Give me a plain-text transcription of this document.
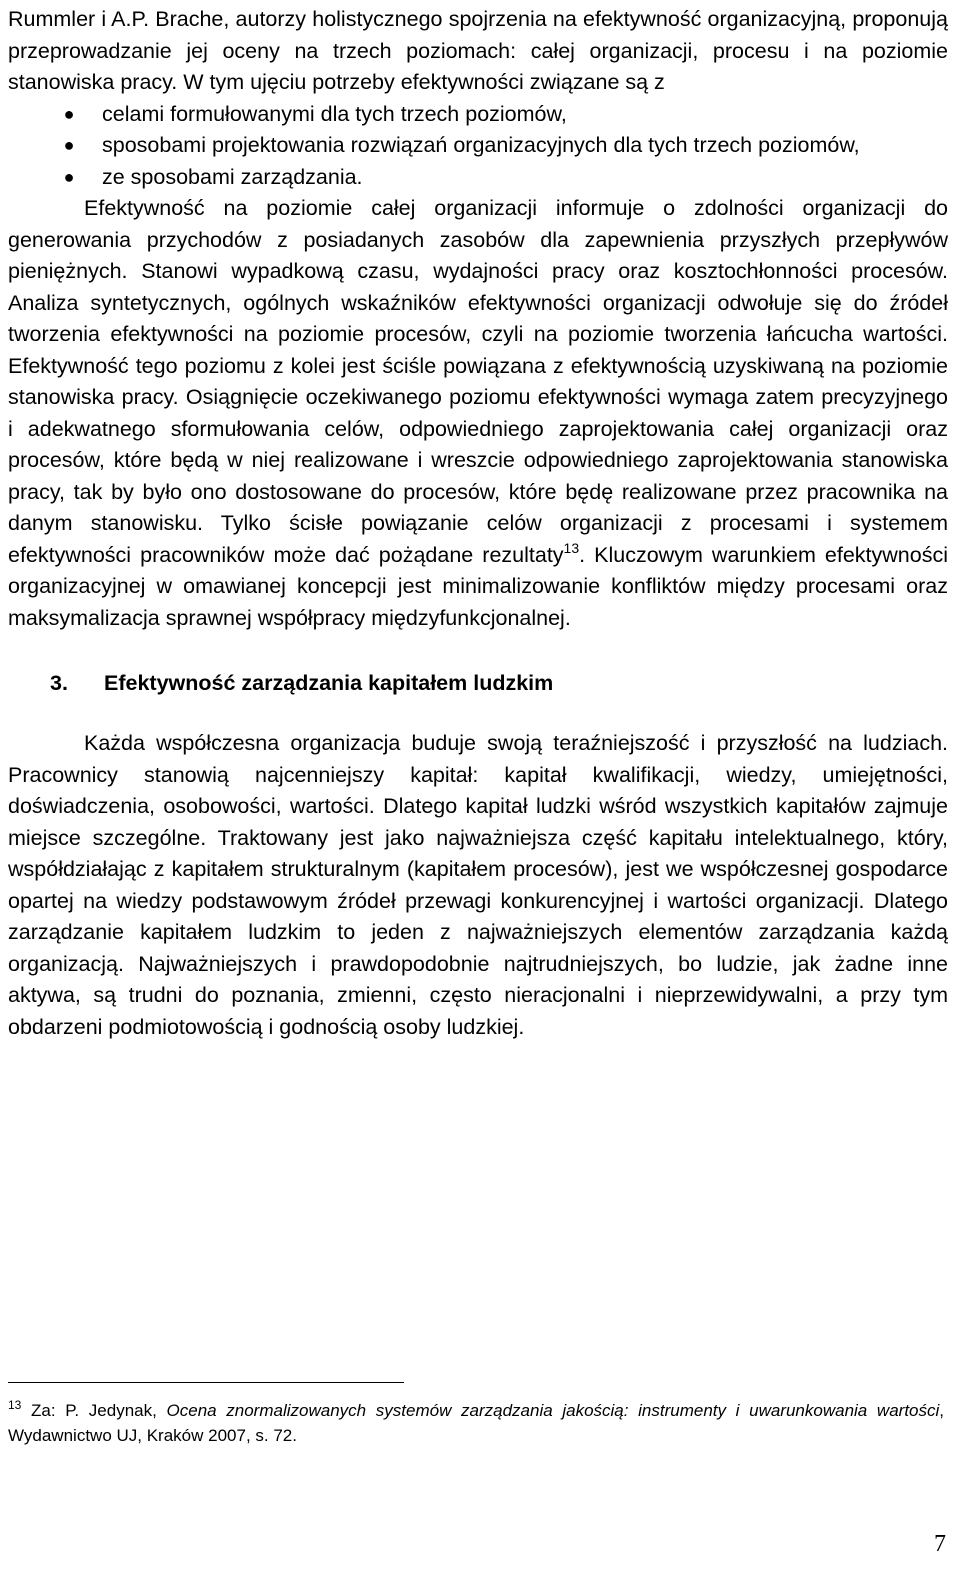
Rummler i A.P. Brache, autorzy holistycznego spojrzenia na efektywność organizacyjną, proponują przeprowadzanie jej oceny na trzech poziomach: całej organizacji, procesu i na poziomie stanowiska pracy. W tym ujęciu potrzeby efektywności związane są z

● celami formułowanymi dla tych trzech poziomów,
● sposobami projektowania rozwiązań organizacyjnych dla tych trzech poziomów,
● ze sposobami zarządzania.

Efektywność na poziomie całej organizacji informuje o zdolności organizacji do generowania przychodów z posiadanych zasobów dla zapewnienia przyszłych przepływów pieniężnych. Stanowi wypadkową czasu, wydajności pracy oraz kosztochłonności procesów. Analiza syntetycznych, ogólnych wskaźników efektywności organizacji odwołuje się do źródeł tworzenia efektywności na poziomie procesów, czyli na poziomie tworzenia łańcucha wartości. Efektywność tego poziomu z kolei jest ściśle powiązana z efektywnością uzyskiwaną na poziomie stanowiska pracy. Osiągnięcie oczekiwanego poziomu efektywności wymaga zatem precyzyjnego i adekwatnego sformułowania celów, odpowiedniego zaprojektowania całej organizacji oraz procesów, które będą w niej realizowane i wreszcie odpowiedniego zaprojektowania stanowiska pracy, tak by było ono dostosowane do procesów, które będę realizowane przez pracownika na danym stanowisku. Tylko ścisłe powiązanie celów organizacji z procesami i systemem efektywności pracowników może dać pożądane rezultaty$^{13}$. Kluczowym warunkiem efektywności organizacyjnej w omawianej koncepcji jest minimalizowanie konfliktów między procesami oraz maksymalizacja sprawnej współpracy międzyfunkcjonalnej.

3.	Efektywność zarządzania kapitałem ludzkim

Każda współczesna organizacja buduje swoją teraźniejszość i przyszłość na ludziach. Pracownicy stanowią najcenniejszy kapitał: kapitał kwalifikacji, wiedzy, umiejętności, doświadczenia, osobowości, wartości. Dlatego kapitał ludzki wśród wszystkich kapitałów zajmuje miejsce szczególne. Traktowany jest jako najważniejsza część kapitału intelektualnego, który, współdziałając z kapitałem strukturalnym (kapitałem procesów), jest we współczesnej gospodarce opartej na wiedzy podstawowym źródeł przewagi konkurencyjnej i wartości organizacji. Dlatego zarządzanie kapitałem ludzkim to jeden z najważniejszych elementów zarządzania każdą organizacją. Najważniejszych i prawdopodobnie najtrudniejszych, bo ludzie, jak żadne inne aktywa, są trudni do poznania, zmienni, często nieracjonalni i nieprzewidywalni, a przy tym obdarzeni podmiotowością i godnością osoby ludzkiej.

$^{13}$ Za: P. Jedynak, Ocena znormalizowanych systemów zarządzania jakością: instrumenty i uwarunkowania wartości, Wydawnictwo UJ, Kraków 2007, s. 72.
7
